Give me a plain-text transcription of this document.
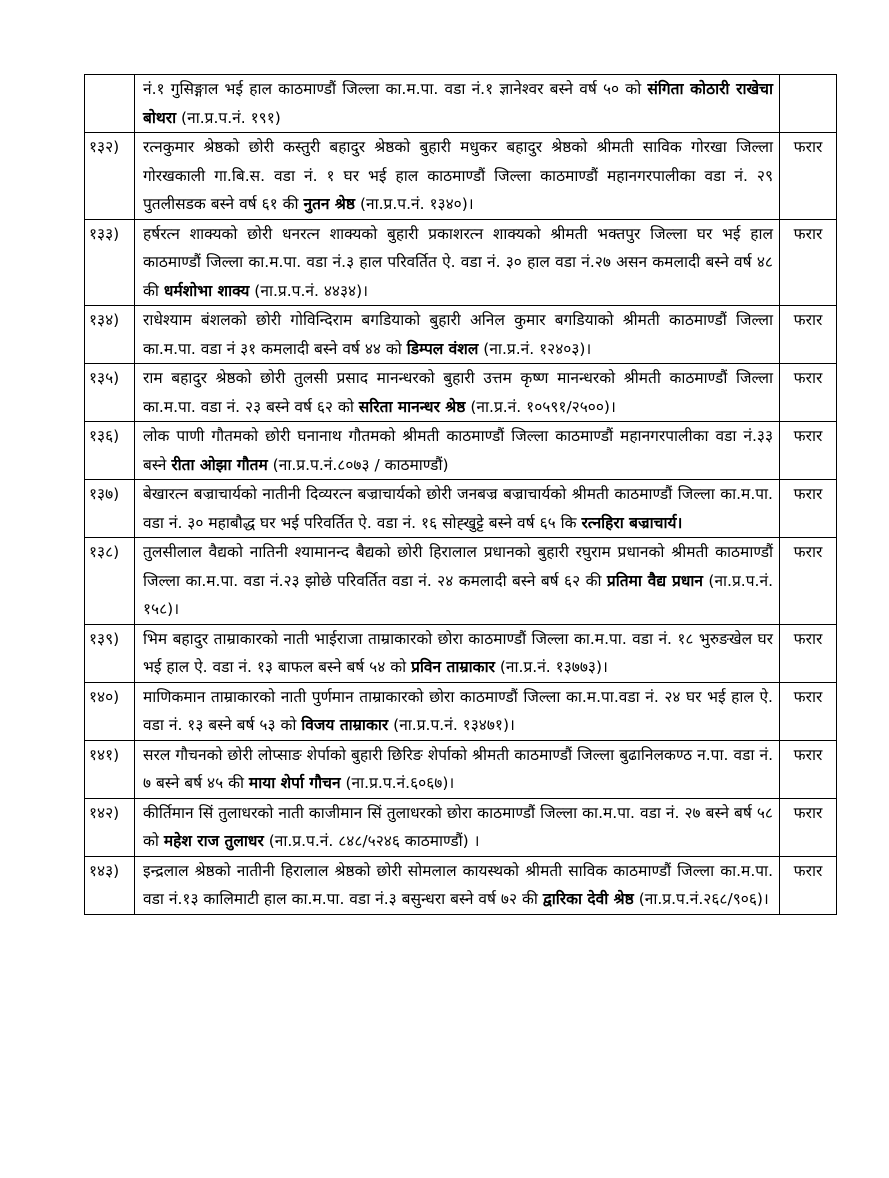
	नं.१ गुसिङ्गाल भई हाल काठमाण्डौं जिल्ला का.म.पा. वडा नं.१ ज्ञानेश्वर बस्ने वर्ष ५० को संगिता कोठारी राखेचा बोथरा (ना.प्र.प.नं. १९१)	
१३२)	रत्नकुमार श्रेष्ठको छोरी कस्तुरी बहादुर श्रेष्ठको बुहारी मधुकर बहादुर श्रेष्ठको श्रीमती साविक गोरखा जिल्ला गोरखकाली गा.बि.स. वडा नं. १ घर भई हाल काठमाण्डौं जिल्ला काठमाण्डौं महानगरपालीका वडा नं. २९ पुतलीसडक बस्ने वर्ष ६१ की नुतन श्रेष्ठ (ना.प्र.प.नं. १३४०)।	फरार
१३३)	हर्षरत्न शाक्यको छोरी धनरत्न शाक्यको बुहारी प्रकाशरत्न शाक्यको श्रीमती भक्तपुर जिल्ला घर भई हाल काठमाण्डौं जिल्ला का.म.पा. वडा नं.३ हाल परिवर्तित ऐ. वडा नं. ३० हाल वडा नं.२७ असन कमलादी बस्ने वर्ष ४८ की धर्मशोभा शाक्य (ना.प्र.प.नं. ४४३४)।	फरार
१३४)	राधेश्याम बंशलको छोरी गोविन्दिराम बगडियाको बुहारी अनिल कुमार बगडियाको श्रीमती काठमाण्डौं जिल्ला का.म.पा. वडा नं ३१ कमलादी बस्ने वर्ष ४४ को डिम्पल वंशल (ना.प्र.नं. १२४०३)।	फरार
१३५)	राम बहादुर श्रेष्ठको छोरी तुलसी प्रसाद मानन्धरको बुहारी उत्तम कृष्ण मानन्धरको श्रीमती काठमाण्डौं जिल्ला का.म.पा. वडा नं. २३ बस्ने वर्ष ६२ को सरिता मानन्धर श्रेष्ठ (ना.प्र.नं. १०५९१/२५००)।	फरार
१३६)	लोक पाणी गौतमको छोरी घनानाथ गौतमको श्रीमती काठमाण्डौं जिल्ला काठमाण्डौं महानगरपालीका वडा नं.३३ बस्ने रीता ओझा गौतम (ना.प्र.प.नं.८०७३ / काठमाण्डौं)	फरार
१३७)	बेखारत्न बज्राचार्यको नातीनी दिव्यरत्न बज्राचार्यको छोरी जनबज्र बज्राचार्यको श्रीमती काठमाण्डौं जिल्ला का.म.पा. वडा नं. ३० महाबौद्ध घर भई परिवर्तित ऐ. वडा नं. १६ सोह्खुट्टे बस्ने वर्ष ६५ कि रत्नहिरा बज्राचार्य।	फरार
१३८)	तुलसीलाल वैद्यको नातिनी श्यामानन्द बैद्यको छोरी हिरालाल प्रधानको बुहारी रघुराम प्रधानको श्रीमती काठमाण्डौं जिल्ला का.म.पा. वडा नं.२३ झोछे परिवर्तित वडा नं. २४ कमलादी बस्ने बर्ष ६२ की प्रतिमा वैद्य प्रधान (ना.प्र.प.नं. १५८)।	फरार
१३९)	भिम बहादुर ताम्राकारको नाती भाईराजा ताम्राकारको छोरा काठमाण्डौं जिल्ला का.म.पा. वडा नं. १८ भुरुङखेल घर भई हाल ऐ. वडा नं. १३ बाफल बस्ने बर्ष ५४ को प्रविन ताम्राकार (ना.प्र.नं. १३७७३)।	फरार
१४०)	माणिकमान ताम्राकारको नाती पुर्णमान ताम्राकारको छोरा काठमाण्डौं जिल्ला का.म.पा.वडा नं. २४ घर भई हाल ऐ. वडा नं. १३ बस्ने बर्ष ५३ को विजय ताम्राकार (ना.प्र.प.नं. १३४७१)।	फरार
१४१)	सरल गौचनको छोरी लोप्साङ शेर्पाको बुहारी छिरिङ शेर्पाको श्रीमती काठमाण्डौं जिल्ला बुढानिलकण्ठ न.पा. वडा नं. ७ बस्ने बर्ष ४५ की माया शेर्पा गौचन (ना.प्र.प.नं.६०६७)।	फरार
१४२)	कीर्तिमान सिं तुलाधरको नाती काजीमान सिं तुलाधरको छोरा काठमाण्डौं जिल्ला का.म.पा. वडा नं. २७ बस्ने बर्ष ५८ को महेश राज तुलाधर (ना.प्र.प.नं. ८४८/५२४६ काठमाण्डौं) ।	फरार
१४३)	इन्द्रलाल श्रेष्ठको नातीनी हिरालाल श्रेष्ठको छोरी सोमलाल कायस्थको श्रीमती साविक काठमाण्डौं जिल्ला का.म.पा. वडा नं.१३ कालिमाटी हाल का.म.पा. वडा नं.३ बसुन्धरा बस्ने वर्ष ७२ की द्वारिका देवी श्रेष्ठ (ना.प्र.प.नं.२६८/९०६)।	फरार
